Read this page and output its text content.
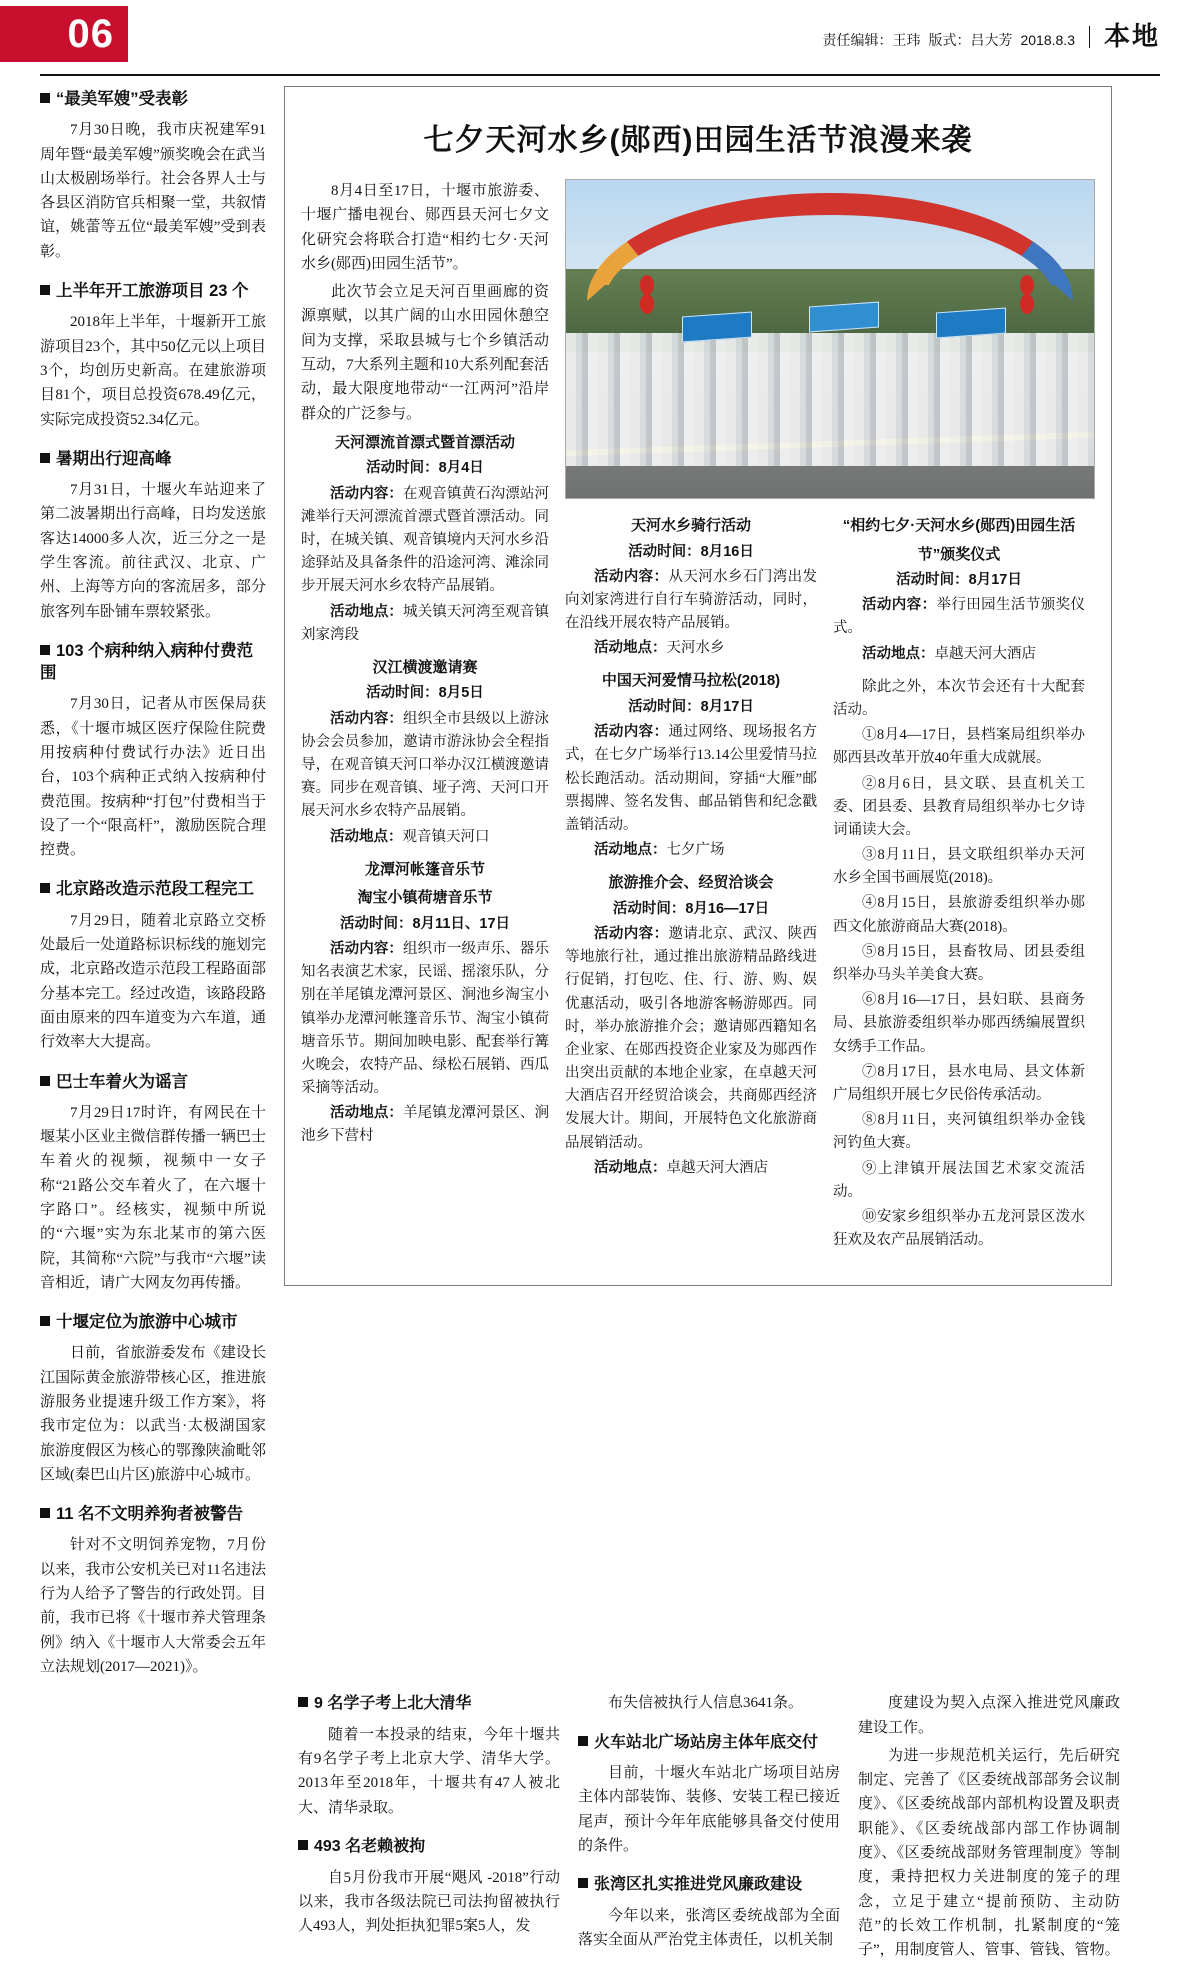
06	责任编辑：王玮 版式：吕大芳 2018.8.3 本地
“最美军嫂”受表彰

7月30日晚，我市庆祝建军91周年暨“最美军嫂”颁奖晚会在武当山太极剧场举行。社会各界人士与各县区消防官兵相聚一堂，共叙情谊，姚蕾等五位“最美军嫂”受到表彰。

上半年开工旅游项目 23 个

2018年上半年，十堰新开工旅游项目23个，其中50亿元以上项目3个，均创历史新高。在建旅游项目81个，项目总投资678.49亿元，实际完成投资52.34亿元。

暑期出行迎高峰

7月31日，十堰火车站迎来了第二波暑期出行高峰，日均发送旅客达14000多人次，近三分之一是学生客流。前往武汉、北京、广州、上海等方向的客流居多，部分旅客列车卧铺车票较紧张。

103 个病种纳入病种付费范围

7月30日，记者从市医保局获悉，《十堰市城区医疗保险住院费用按病种付费试行办法》近日出台，103个病种正式纳入按病种付费范围。按病种“打包”付费相当于设了一个“限高杆”，激励医院合理控费。

北京路改造示范段工程完工

7月29日，随着北京路立交桥处最后一处道路标识标线的施划完成，北京路改造示范段工程路面部分基本完工。经过改造，该路段路面由原来的四车道变为六车道，通行效率大大提高。

巴士车着火为谣言

7月29日17时许，有网民在十堰某小区业主微信群传播一辆巴士车着火的视频，视频中一女子称“21路公交车着火了，在六堰十字路口”。经核实，视频中所说的“六堰”实为东北某市的第六医院，其简称“六院”与我市“六堰”读音相近，请广大网友勿再传播。

十堰定位为旅游中心城市

日前，省旅游委发布《建设长江国际黄金旅游带核心区，推进旅游服务业提速升级工作方案》，将我市定位为：以武当·太极湖国家旅游度假区为核心的鄂豫陕渝毗邻区域(秦巴山片区)旅游中心城市。

11 名不文明养狗者被警告

针对不文明饲养宠物，7月份以来，我市公安机关已对11名违法行为人给予了警告的行政处罚。目前，我市已将《十堰市养犬管理条例》纳入《十堰市人大常委会五年立法规划(2017—2021)》。

七夕天河水乡(郧西)田园生活节浪漫来袭

8月4日至17日，十堰市旅游委、十堰广播电视台、郧西县天河七夕文化研究会将联合打造“相约七夕·天河水乡(郧西)田园生活节”。

此次节会立足天河百里画廊的资源禀赋，以其广阔的山水田园休憩空间为支撑，采取县城与七个乡镇活动互动，7大系列主题和10大系列配套活动，最大限度地带动“一江两河”沿岸群众的广泛参与。

天河漂流首漂式暨首漂活动
活动时间：8月4日

活动内容：在观音镇黄石沟漂站河滩举行天河漂流首漂式暨首漂活动。同时，在城关镇、观音镇境内天河水乡沿途驿站及具备条件的沿途河湾、滩涂同步开展天河水乡农特产品展销。

活动地点：城关镇天河湾至观音镇刘家湾段

汉江横渡邀请赛
活动时间：8月5日

活动内容：组织全市县级以上游泳协会会员参加，邀请市游泳协会全程指导，在观音镇天河口举办汉江横渡邀请赛。同步在观音镇、垭子湾、天河口开展天河水乡农特产品展销。

活动地点：观音镇天河口

龙潭河帐篷音乐节
淘宝小镇荷塘音乐节
活动时间：8月11日、17日

活动内容：组织市一级声乐、器乐知名表演艺术家，民谣、摇滚乐队，分别在羊尾镇龙潭河景区、涧池乡淘宝小镇举办龙潭河帐篷音乐节、淘宝小镇荷塘音乐节。期间加映电影、配套举行篝火晚会，农特产品、绿松石展销、西瓜采摘等活动。

活动地点：羊尾镇龙潭河景区、涧池乡下营村

天河水乡骑行活动
活动时间：8月16日

活动内容：从天河水乡石门湾出发向刘家湾进行自行车骑游活动，同时，在沿线开展农特产品展销。

活动地点：天河水乡

中国天河爱情马拉松(2018)
活动时间：8月17日

活动内容：通过网络、现场报名方式，在七夕广场举行13.14公里爱情马拉松长跑活动。活动期间，穿插“大雁”邮票揭牌、签名发售、邮品销售和纪念戳盖销活动。

活动地点：七夕广场

旅游推介会、经贸洽谈会
活动时间：8月16—17日

活动内容：邀请北京、武汉、陕西等地旅行社，通过推出旅游精品路线进行促销，打包吃、住、行、游、购、娱优惠活动，吸引各地游客畅游郧西。同时，举办旅游推介会；邀请郧西籍知名企业家、在郧西投资企业家及为郧西作出突出贡献的本地企业家，在卓越天河大酒店召开经贸洽谈会，共商郧西经济发展大计。期间，开展特色文化旅游商品展销活动。

活动地点：卓越天河大酒店

“相约七夕·天河水乡(郧西)田园生活
节”颁奖仪式
活动时间：8月17日

活动内容：举行田园生活节颁奖仪式。

活动地点：卓越天河大酒店

除此之外，本次节会还有十大配套活动。

①8月4—17日，县档案局组织举办郧西县改革开放40年重大成就展。

②8月6日，县文联、县直机关工委、团县委、县教育局组织举办七夕诗词诵读大会。

③8月11日，县文联组织举办天河水乡全国书画展览(2018)。

④8月15日，县旅游委组织举办郧西文化旅游商品大赛(2018)。

⑤8月15日，县畜牧局、团县委组织举办马头羊美食大赛。

⑥8月16—17日，县妇联、县商务局、县旅游委组织举办郧西绣编展置织女绣手工作品。

⑦8月17日，县水电局、县文体新广局组织开展七夕民俗传承活动。

⑧8月11日，夹河镇组织举办金钱河钓鱼大赛。

⑨上津镇开展法国艺术家交流活动。

⑩安家乡组织举办五龙河景区泼水狂欢及农产品展销活动。

9 名学子考上北大清华

随着一本投录的结束，今年十堰共有9名学子考上北京大学、清华大学。2013年至2018年，十堰共有47人被北大、清华录取。

493 名老赖被拘

自5月份我市开展“飓风 -2018”行动以来，我市各级法院已司法拘留被执行人493人，判处拒执犯罪5案5人，发

布失信被执行人信息3641条。

火车站北广场站房主体年底交付

目前，十堰火车站北广场项目站房主体内部装饰、装修、安装工程已接近尾声，预计今年年底能够具备交付使用的条件。

张湾区扎实推进党风廉政建设

今年以来，张湾区委统战部为全面落实全面从严治党主体责任，以机关制

度建设为契入点深入推进党风廉政建设工作。

为进一步规范机关运行，先后研究制定、完善了《区委统战部部务会议制度》、《区委统战部内部机构设置及职责职能》、《区委统战部内部工作协调制度》、《区委统战部财务管理制度》等制度，秉持把权力关进制度的笼子的理念，立足于建立“提前预防、主动防范”的长效工作机制，扎紧制度的“笼子”，用制度管人、管事、管钱、管物。
